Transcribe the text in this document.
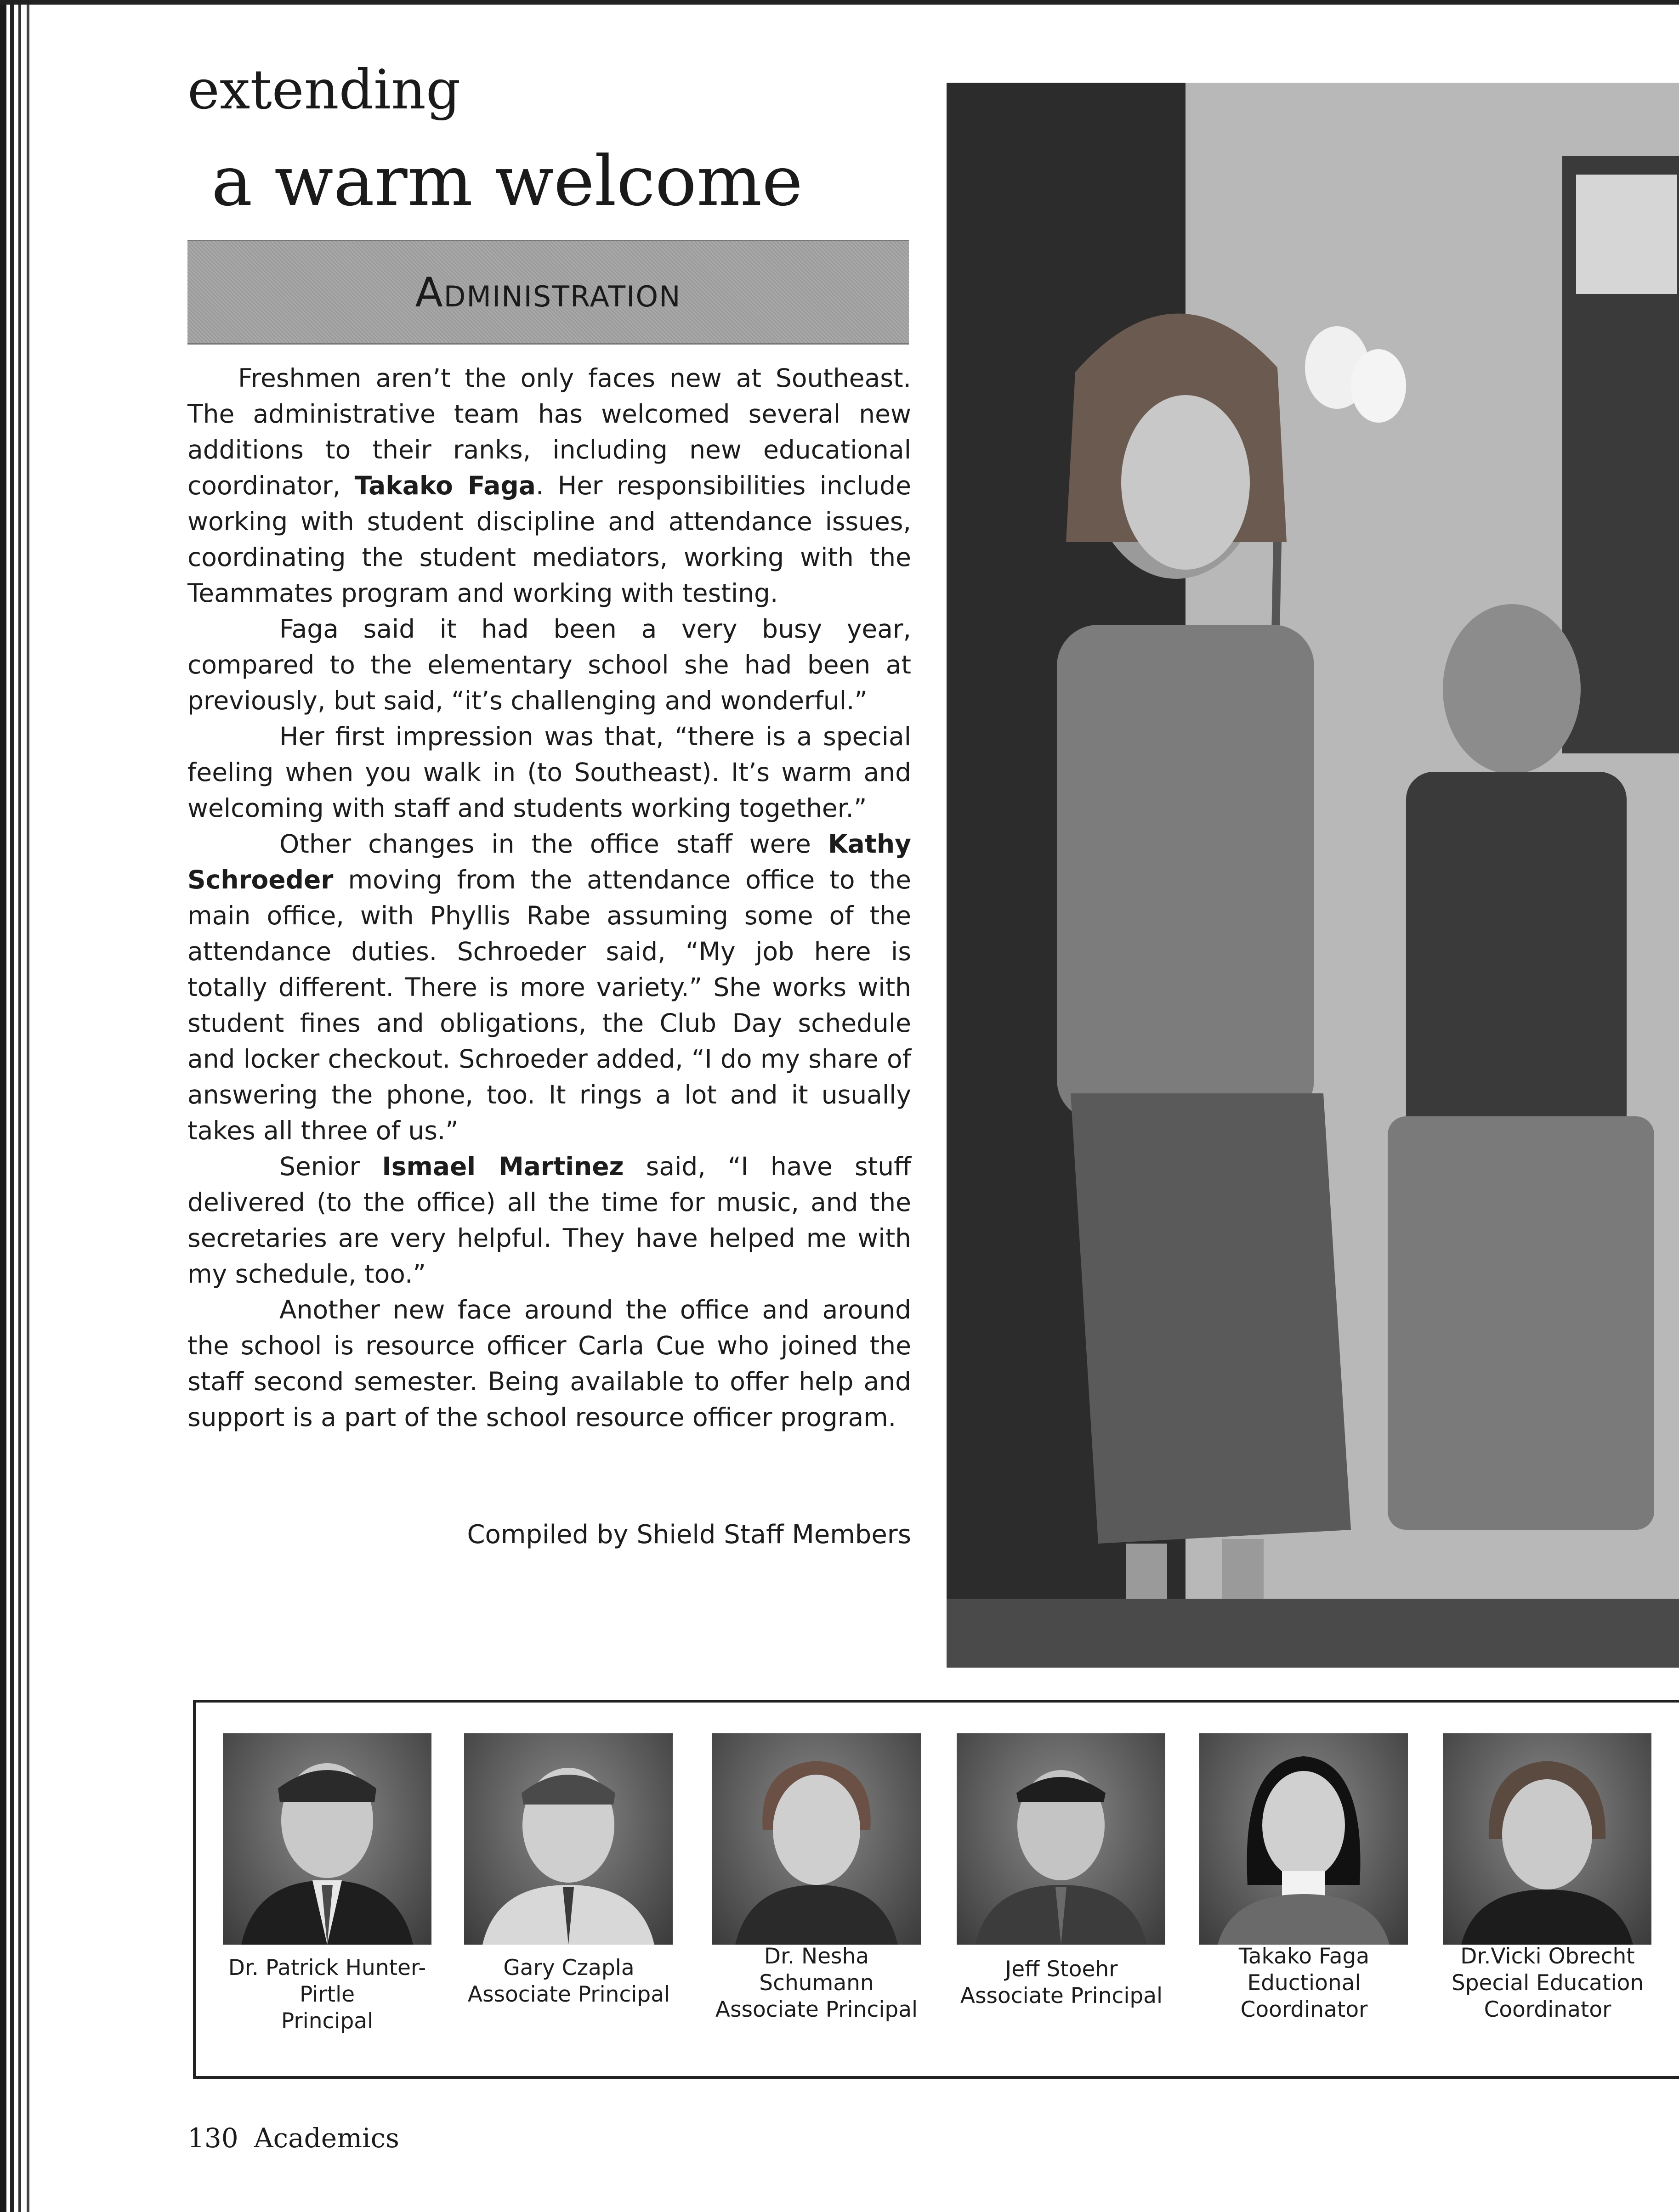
extending
a warm welcome
Administration

Freshmen aren’t the only faces new at Southeast. The administrative team has welcomed several new additions to their ranks, including new educational coordinator, Takako Faga. Her responsibilities include working with student discipline and attendance issues, coordinating the student mediators, working with the Teammates program and working with testing.

Faga said it had been a very busy year, compared to the elementary school she had been at previously, but said, “it’s challenging and wonderful.”

Her first impression was that, “there is a special feeling when you walk in (to Southeast). It’s warm and welcoming with staff and students working together.”

Other changes in the office staff were Kathy Schroeder moving from the attendance office to the main office, with Phyllis Rabe assuming some of the attendance duties. Schroeder said, “My job here is totally different. There is more variety.” She works with student fines and obligations, the Club Day schedule and locker checkout. Schroeder added, “I do my share of answering the phone, too. It rings a lot and it usually takes all three of us.”

Senior Ismael Martinez said, “I have stuff delivered (to the office) all the time for music, and the secretaries are very helpful. They have helped me with my schedule, too.”

Another new face around the office and around the school is resource officer Carla Cue who joined the staff second semester. Being available to offer help and support is a part of the school resource officer program.

Compiled by Shield Staff Members
Dr. Patrick Hunter-
Pirtle
Principal
Gary Czapla
Associate Principal
Dr. Nesha
Schumann
Associate Principal
Jeff Stoehr
Associate Principal
Takako Faga
Eductional
Coordinator
Dr.Vicki Obrecht
Special Education
Coordinator
130 Academics
